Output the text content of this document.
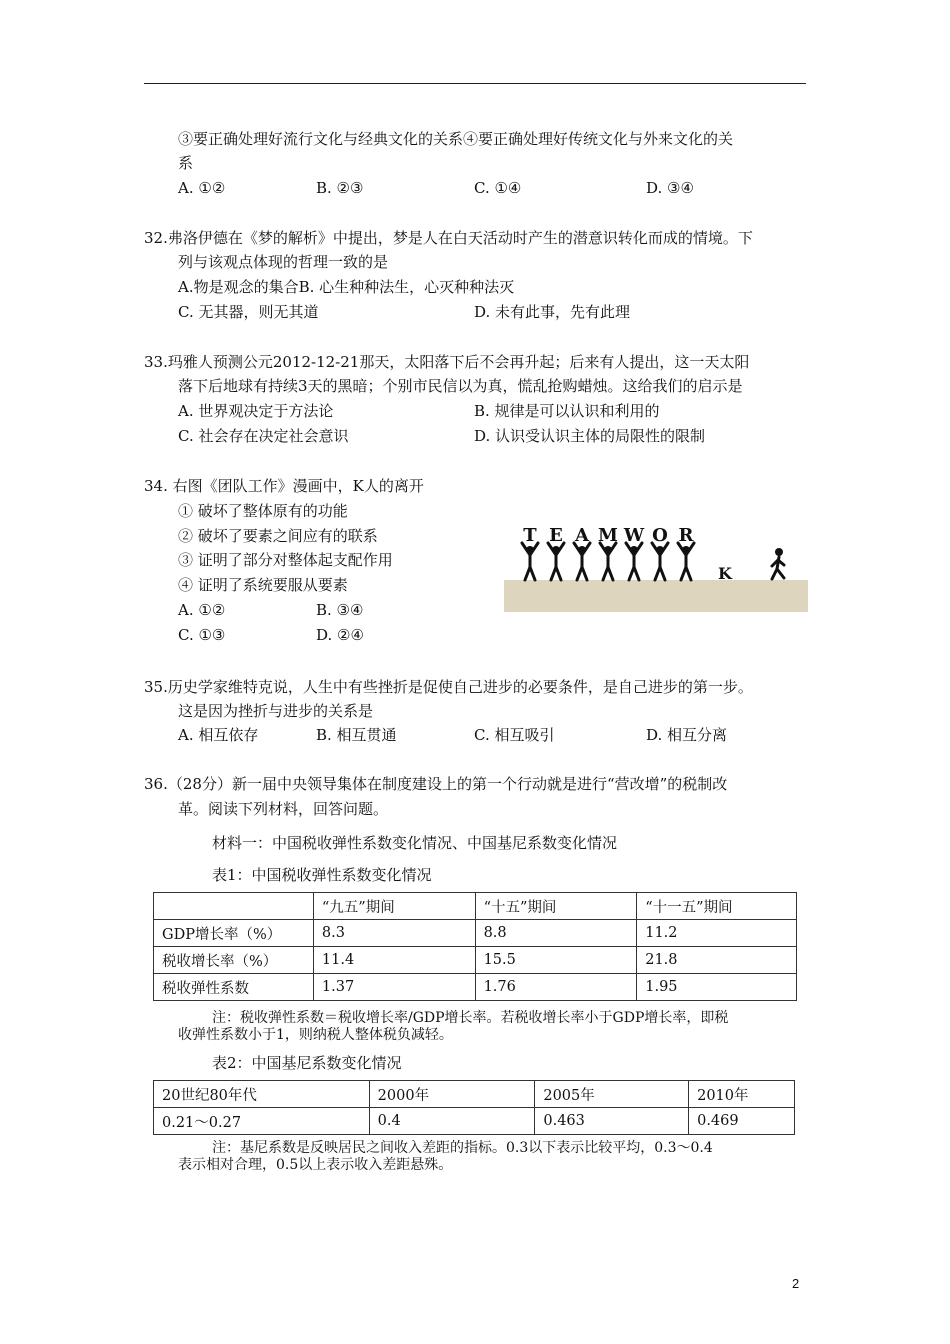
③要正确处理好流行文化与经典文化的关系④要正确处理好传统文化与外来文化的关
系
A. ①②	B. ②③	C. ①④	D. ③④
32.弗洛伊德在《梦的解析》中提出，梦是人在白天活动时产生的潜意识转化而成的情境。下
列与该观点体现的哲理一致的是
A.物是观念的集合B. 心生种种法生，心灭种种法灭
C. 无其器，则无其道	D. 未有此事，先有此理
33.玛雅人预测公元2012-12-21那天，太阳落下后不会再升起；后来有人提出，这一天太阳
落下后地球有持续3天的黑暗；个别市民信以为真，慌乱抢购蜡烛。这给我们的启示是
A. 世界观决定于方法论	B. 规律是可以认识和利用的
C. 社会存在决定社会意识	D. 认识受认识主体的局限性的限制
34. 右图《团队工作》漫画中，K人的离开
① 破坏了整体原有的功能
② 破坏了要素之间应有的联系
③ 证明了部分对整体起支配作用
④ 证明了系统要服从要素
A. ①②	B. ③④
C. ①③	D. ②④
T E A M W O R
K
35.历史学家维特克说，人生中有些挫折是促使自己进步的必要条件，是自己进步的第一步。
这是因为挫折与进步的关系是
A. 相互依存	B. 相互贯通	C. 相互吸引	D. 相互分离
36.（28分）新一届中央领导集体在制度建设上的第一个行动就是进行“营改增”的税制改
革。阅读下列材料，回答问题。
材料一：中国税收弹性系数变化情况、中国基尼系数变化情况
表1：中国税收弹性系数变化情况
	“九五”期间	“十五”期间	“十一五”期间
GDP增长率（%）	8.3	8.8	11.2
税收增长率（%）	11.4	15.5	21.8
税收弹性系数	1.37	1.76	1.95
注：税收弹性系数＝税收增长率/GDP增长率。若税收增长率小于GDP增长率，即税
收弹性系数小于1，则纳税人整体税负减轻。
表2：中国基尼系数变化情况
20世纪80年代	2000年	2005年	2010年
0.21～0.27	0.4	0.463	0.469
注：基尼系数是反映居民之间收入差距的指标。0.3以下表示比较平均，0.3～0.4
表示相对合理，0.5以上表示收入差距悬殊。
2
